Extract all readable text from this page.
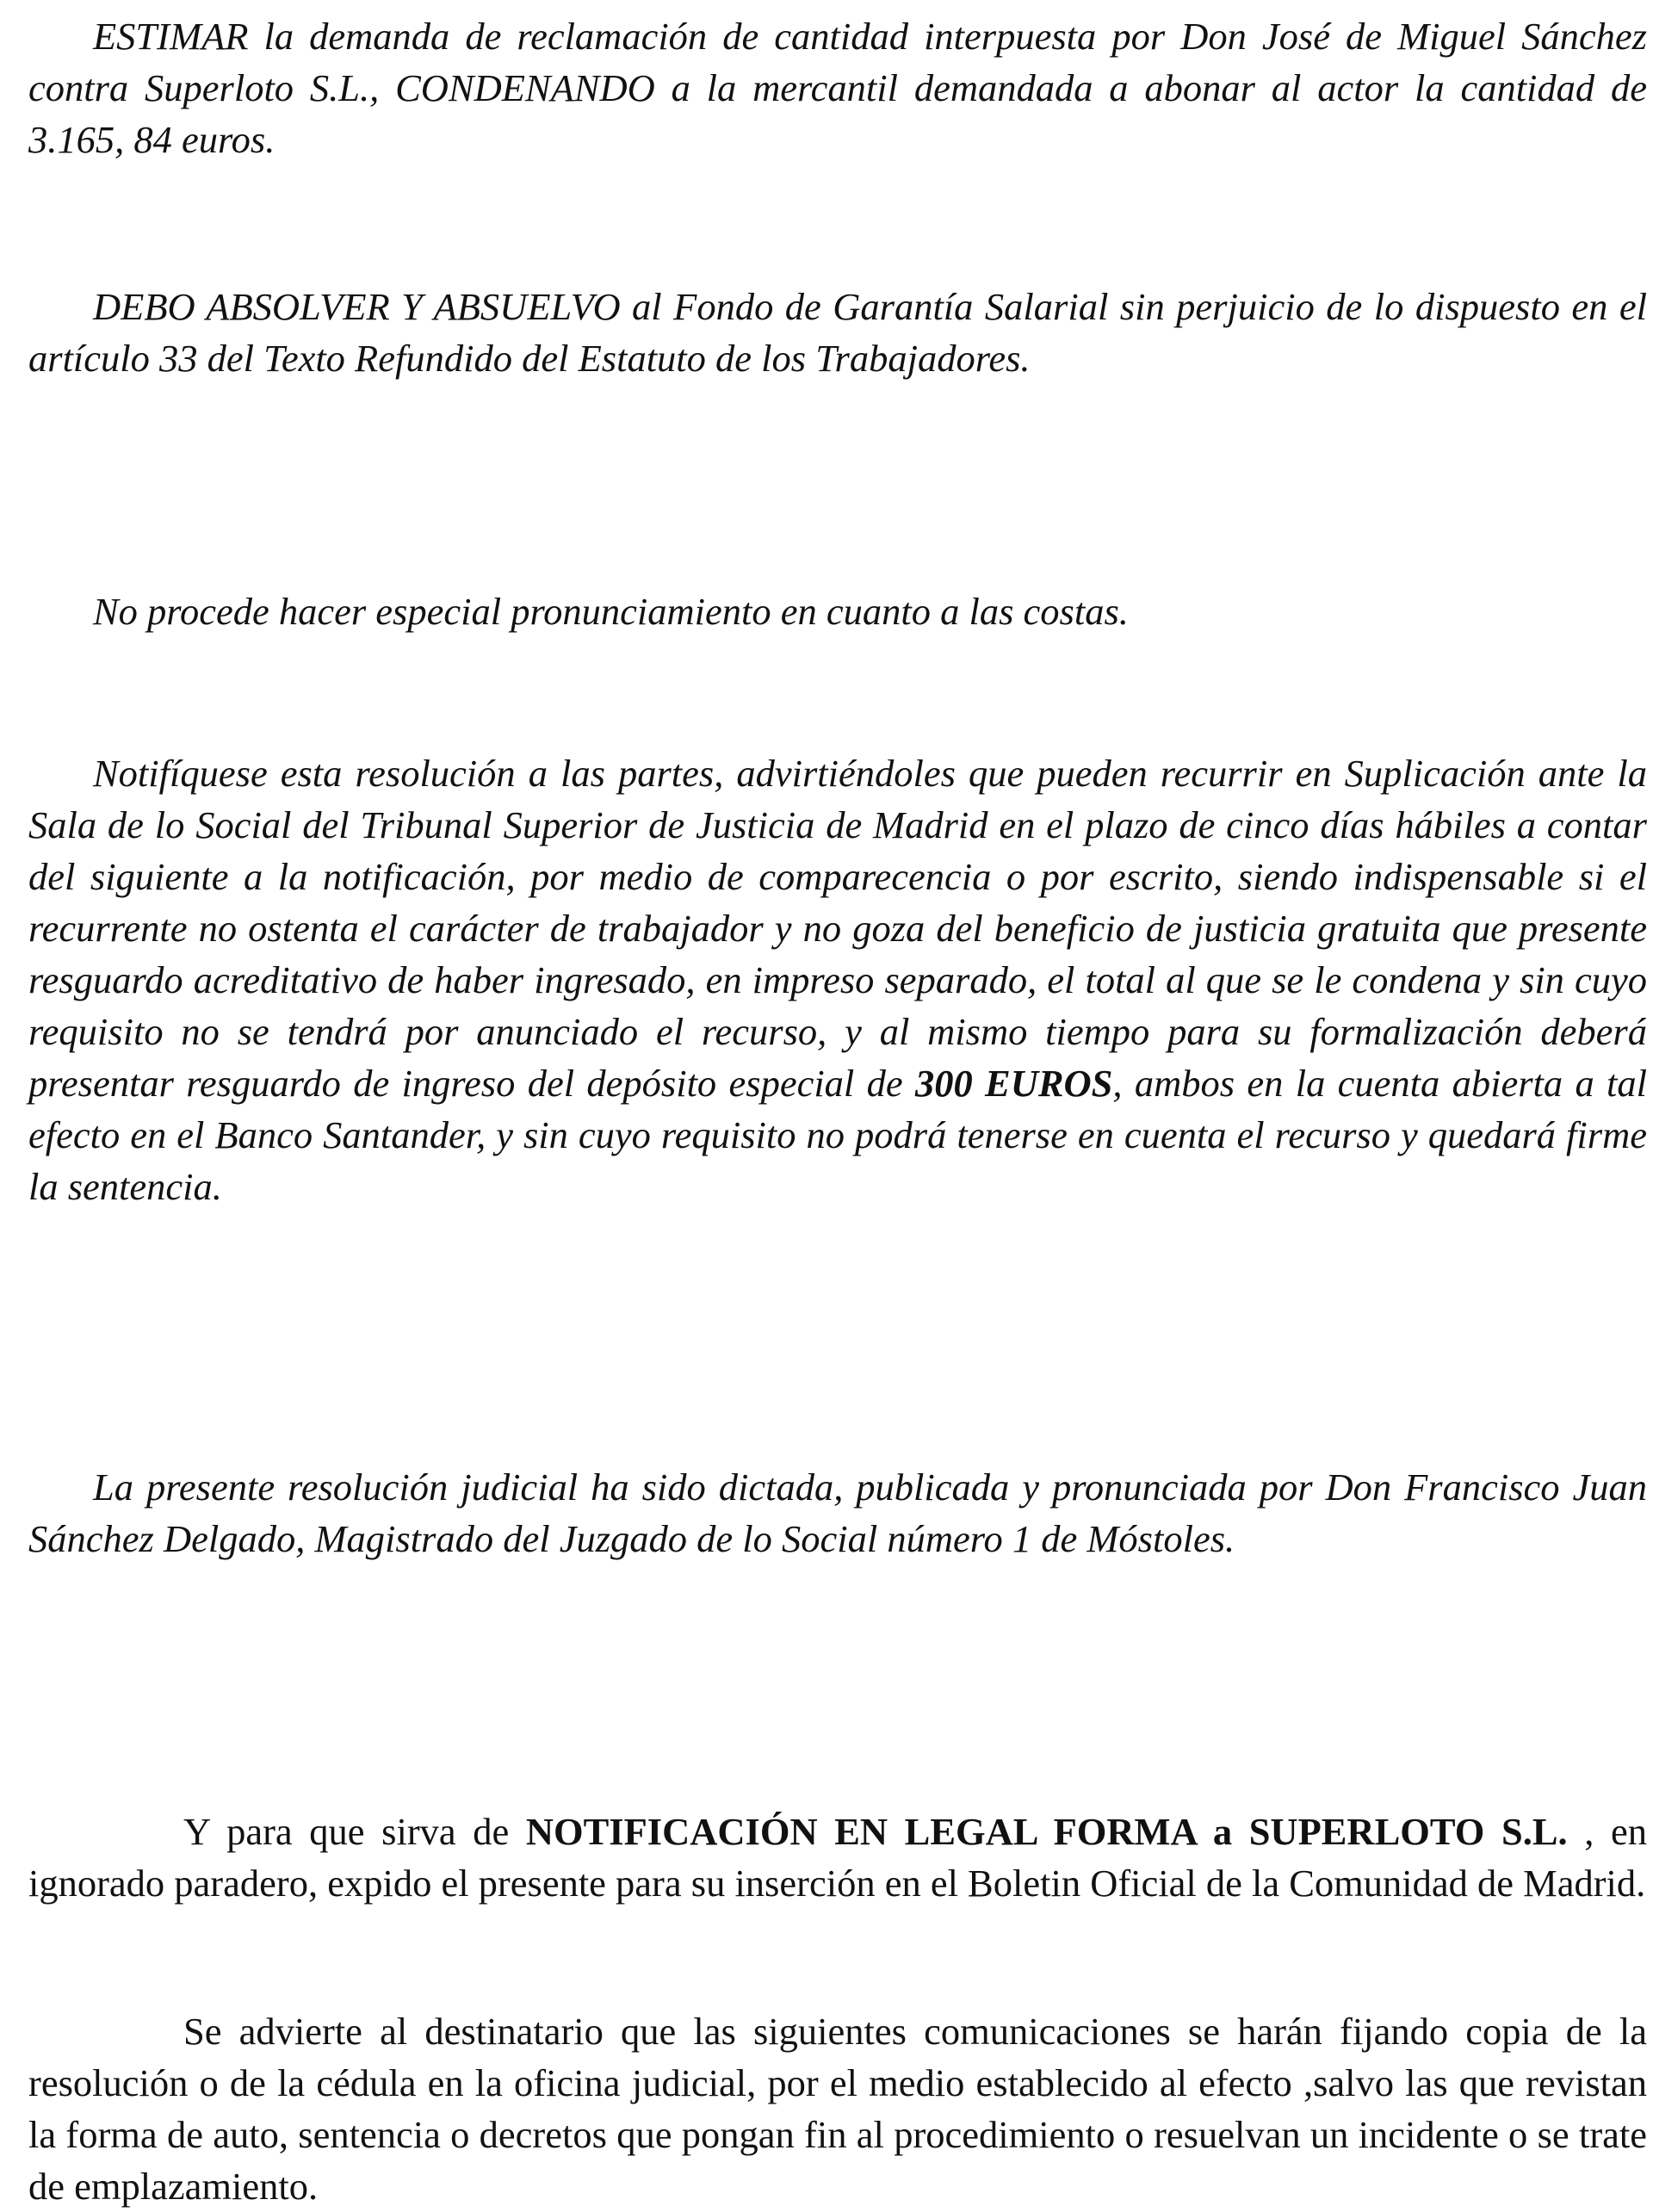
ESTIMAR la demanda de reclamación de cantidad interpuesta por Don José de Miguel Sánchez contra Superloto S.L., CONDENANDO a la mercantil demandada a abonar al actor la cantidad de 3.165, 84 euros.

DEBO ABSOLVER Y ABSUELVO al Fondo de Garantía Salarial sin perjuicio de lo dispuesto en el artículo 33 del Texto Refundido del Estatuto de los Trabajadores.

No procede hacer especial pronunciamiento en cuanto a las costas.

Notifíquese esta resolución a las partes, advirtiéndoles que pueden recurrir en Suplicación ante la Sala de lo Social del Tribunal Superior de Justicia de Madrid en el plazo de cinco días hábiles a contar del siguiente a la notificación, por medio de comparecencia o por escrito, siendo indispensable si el recurrente no ostenta el carácter de trabajador y no goza del beneficio de justicia gratuita que presente resguardo acreditativo de haber ingresado, en impreso separado, el total al que se le condena y sin cuyo requisito no se tendrá por anunciado el recurso, y al mismo tiempo para su formalización deberá presentar resguardo de ingreso del depósito especial de 300 EUROS, ambos en la cuenta abierta a tal efecto en el Banco Santander, y sin cuyo requisito no podrá tenerse en cuenta el recurso y quedará firme la sentencia.

La presente resolución judicial ha sido dictada, publicada y pronunciada por Don Francisco Juan Sánchez Delgado, Magistrado del Juzgado de lo Social número 1 de Móstoles.

Y para que sirva de NOTIFICACIÓN EN LEGAL FORMA a SUPERLOTO S.L. , en ignorado paradero, expido el presente para su inserción en el Boletin Oficial de la Comunidad de Madrid.

Se advierte al destinatario que las siguientes comunicaciones se harán fijando copia de la resolución o de la cédula en la oficina judicial, por el medio establecido al efecto ,salvo las que revistan la forma de auto, sentencia o decretos que pongan fin al procedimiento o resuelvan un incidente o se trate de emplazamiento.
